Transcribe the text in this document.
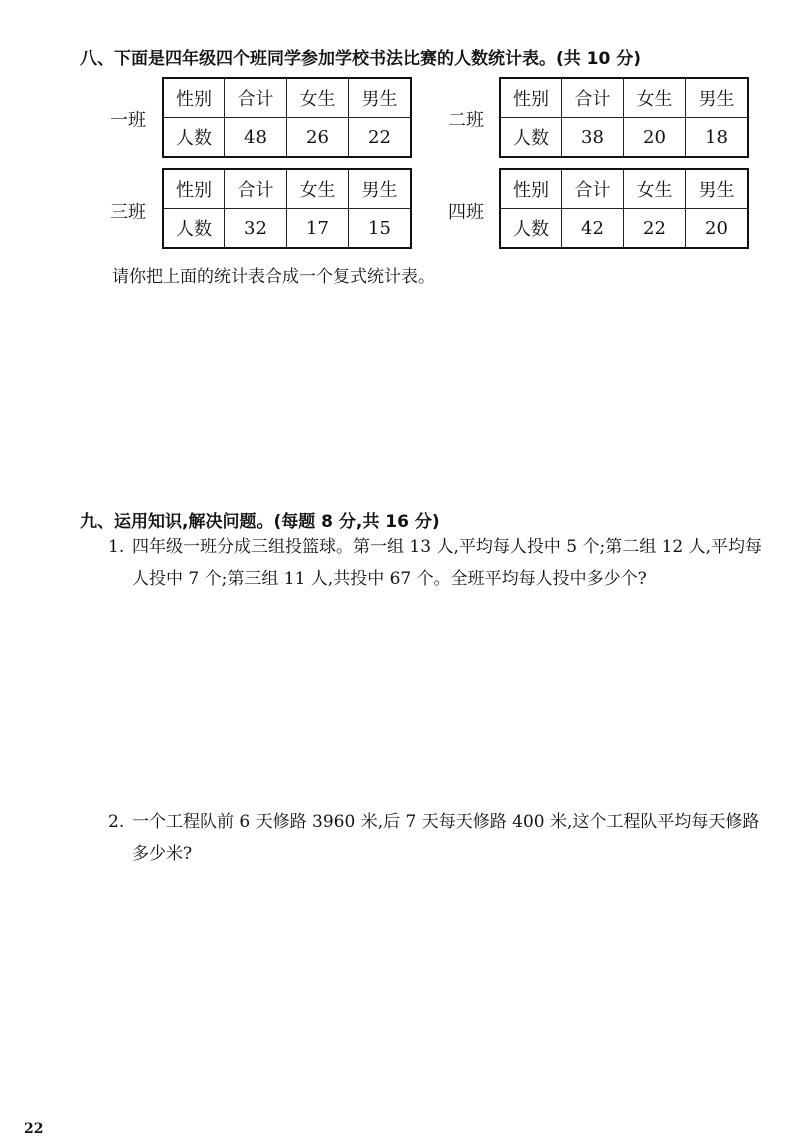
八、下面是四年级四个班同学参加学校书法比赛的人数统计表。(共 10 分)
一班
性别	合计	女生	男生
人数	48	26	22
二班
性别	合计	女生	男生
人数	38	20	18
三班
性别	合计	女生	男生
人数	32	17	15
四班
性别	合计	女生	男生
人数	42	22	20
请你把上面的统计表合成一个复式统计表。
九、运用知识,解决问题。(每题 8 分,共 16 分)
1. 四年级一班分成三组投篮球。第一组 13 人,平均每人投中 5 个;第二组 12 人,平均每人投中 7 个;第三组 11 人,共投中 67 个。全班平均每人投中多少个?
2. 一个工程队前 6 天修路 3960 米,后 7 天每天修路 400 米,这个工程队平均每天修路多少米?
22
